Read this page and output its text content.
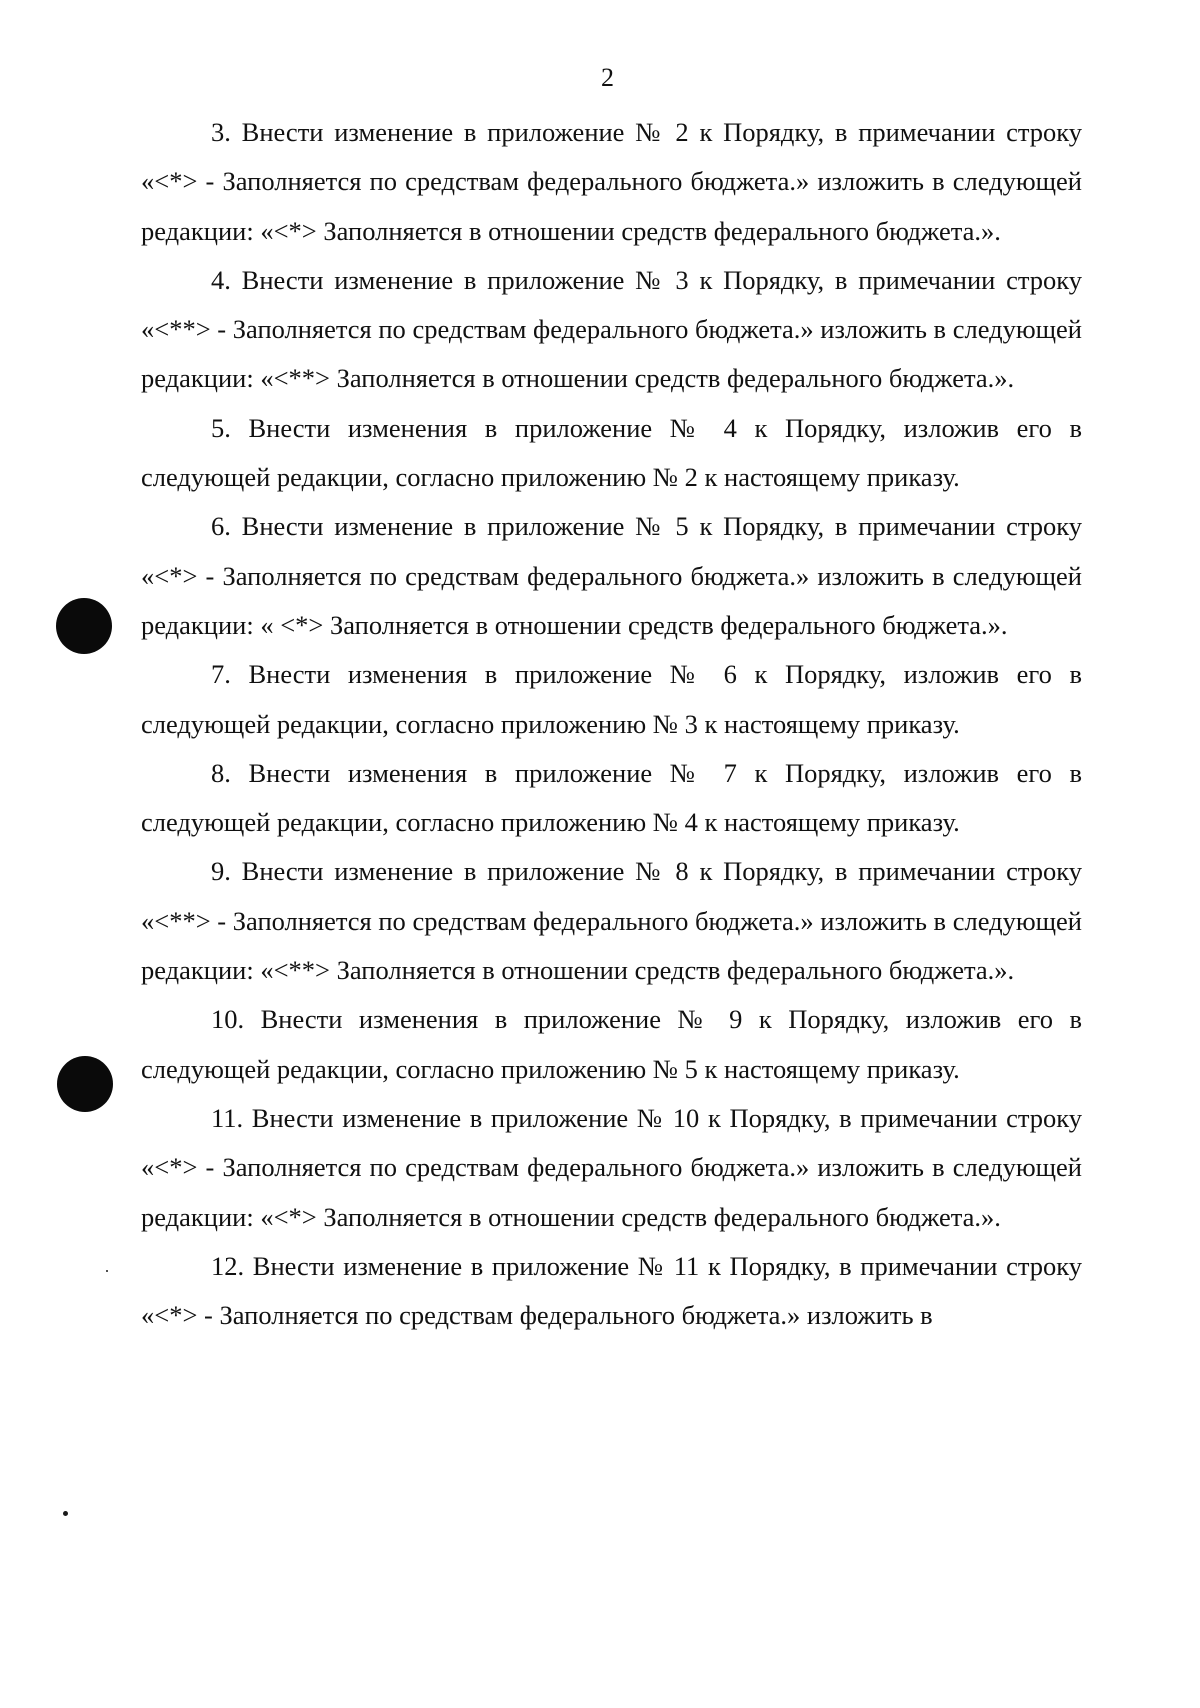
2

3. Внести изменение в приложение № 2 к Порядку, в примечании строку «<*> - Заполняется по средствам федерального бюджета.» изложить в следующей редакции: «<*> Заполняется в отношении средств федерального бюджета.».

4. Внести изменение в приложение № 3 к Порядку, в примечании строку «<**> - Заполняется по средствам федерального бюджета.» изложить в следующей редакции: «<**> Заполняется в отношении средств федерального бюджета.».

5. Внести изменения в приложение № 4 к Порядку, изложив его в следующей редакции, согласно приложению № 2 к настоящему приказу.

6. Внести изменение в приложение № 5 к Порядку, в примечании строку «<*> - Заполняется по средствам федерального бюджета.» изложить в следующей редакции: « <*> Заполняется в отношении средств федерального бюджета.».

7. Внести изменения в приложение № 6 к Порядку, изложив его в следующей редакции, согласно приложению № 3 к настоящему приказу.

8. Внести изменения в приложение № 7 к Порядку, изложив его в следующей редакции, согласно приложению № 4 к настоящему приказу.

9. Внести изменение в приложение № 8 к Порядку, в примечании строку «<**> - Заполняется по средствам федерального бюджета.» изложить в следующей редакции: «<**> Заполняется в отношении средств федерального бюджета.».

10. Внести изменения в приложение № 9 к Порядку, изложив его в следующей редакции, согласно приложению № 5 к настоящему приказу.

11. Внести изменение в приложение № 10 к Порядку, в примечании строку «<*> - Заполняется по средствам федерального бюджета.» изложить в следующей редакции: «<*> Заполняется в отношении средств федерального бюджета.».

12. Внести изменение в приложение № 11 к Порядку, в примечании строку «<*> - Заполняется по средствам федерального бюджета.» изложить в
